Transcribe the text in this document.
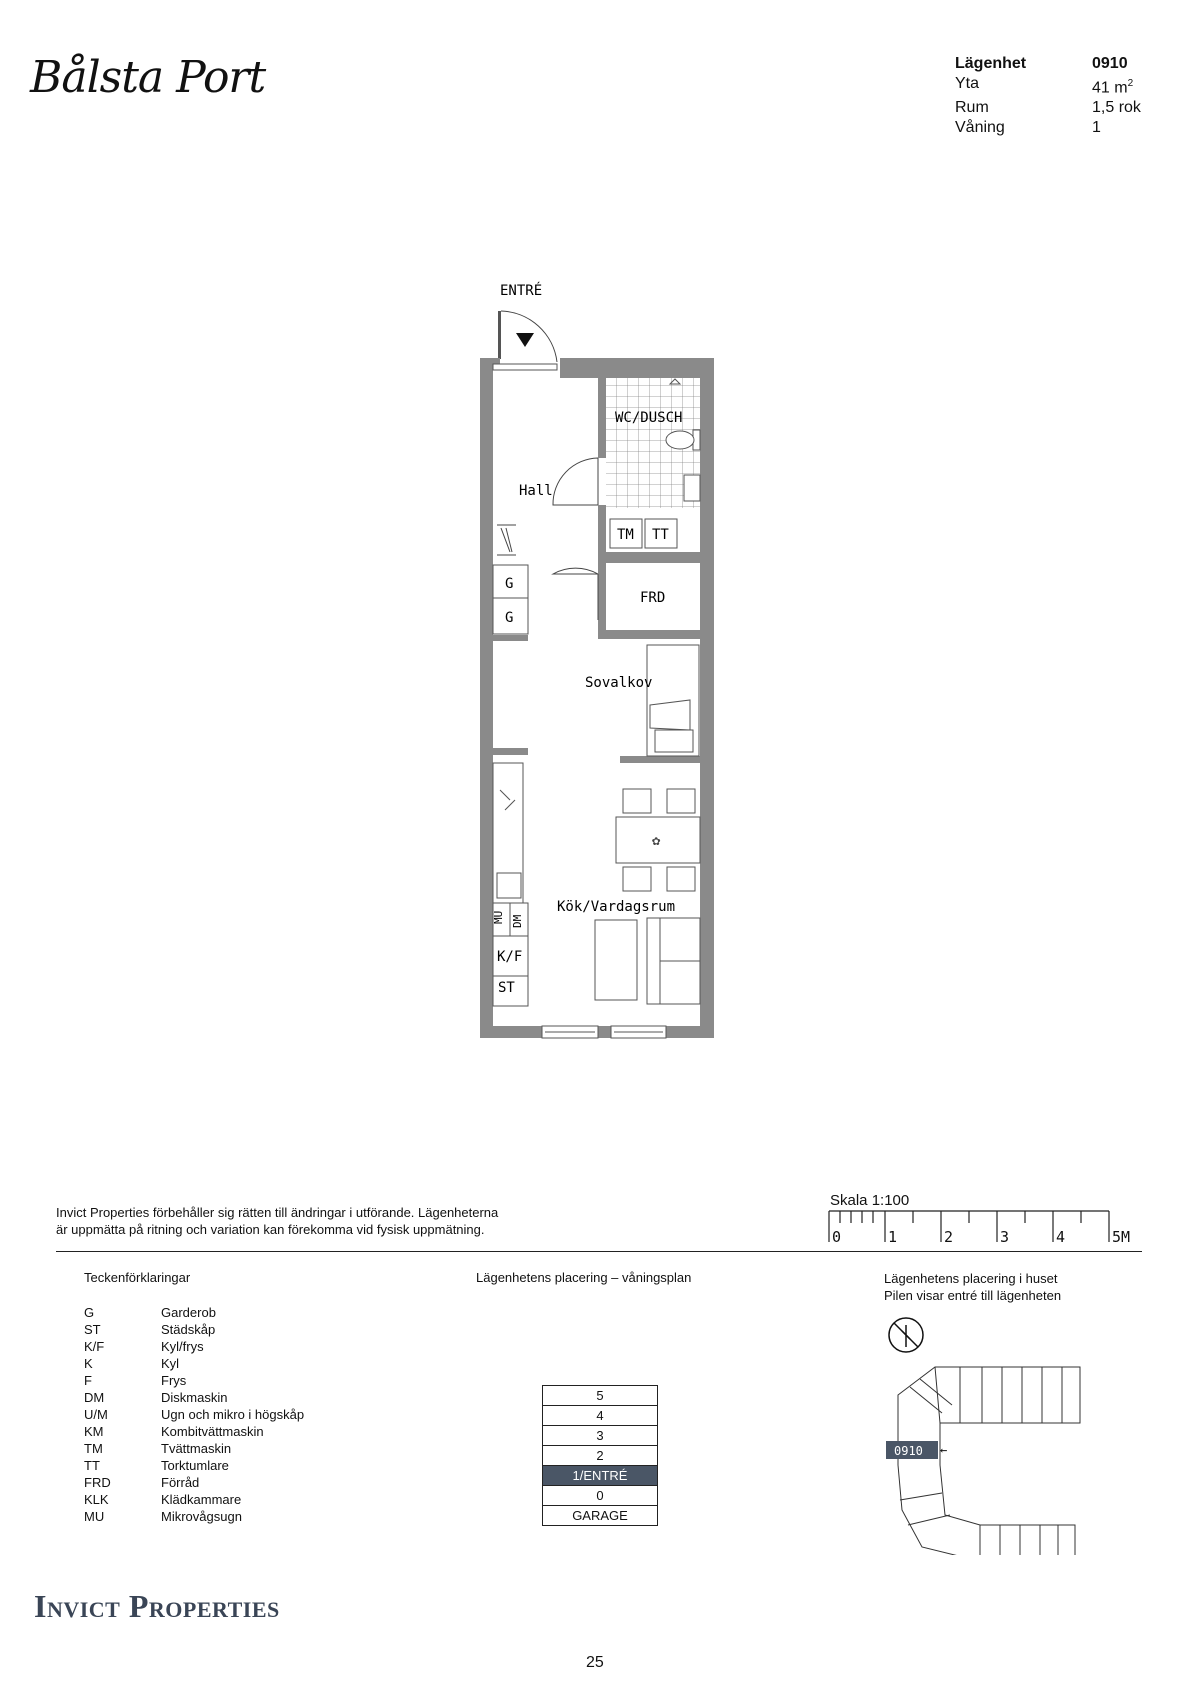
Bålsta Port	Lägenhet	0910
Yta	41 $m^2$
Rum	1,5 rok
Våning	1
ENTRÉ
WC/DUSCH
TM TT
Hall
G
G
FRD
Sovalkov
MU DM
K/F
ST
✿
Kök/Vardagsrum
Invict Properties förbehåller sig rätten till ändringar i utförande. Lägenheterna
är uppmätta på ritning och variation kan förekomma vid fysisk uppmätning.
Skala 1:100
0	1	2	3	4	5M
Teckenförklaringar
G	Garderob
ST	Städskåp
K/F	Kyl/frys
K	Kyl
F	Frys
DM	Diskmaskin
U/M	Ugn och mikro i högskåp
KM	Kombitvättmaskin
TM	Tvättmaskin
TT	Torktumlare
FRD	Förråd
KLK	Klädkammare
MU	Mikrovågsugn
Lägenhetens placering – våningsplan
5
4
3
2
1/ENTRÉ
0
GARAGE
Lägenhetens placering i huset
Pilen visar entré till lägenheten
0910 ←
Invict Properties
25
